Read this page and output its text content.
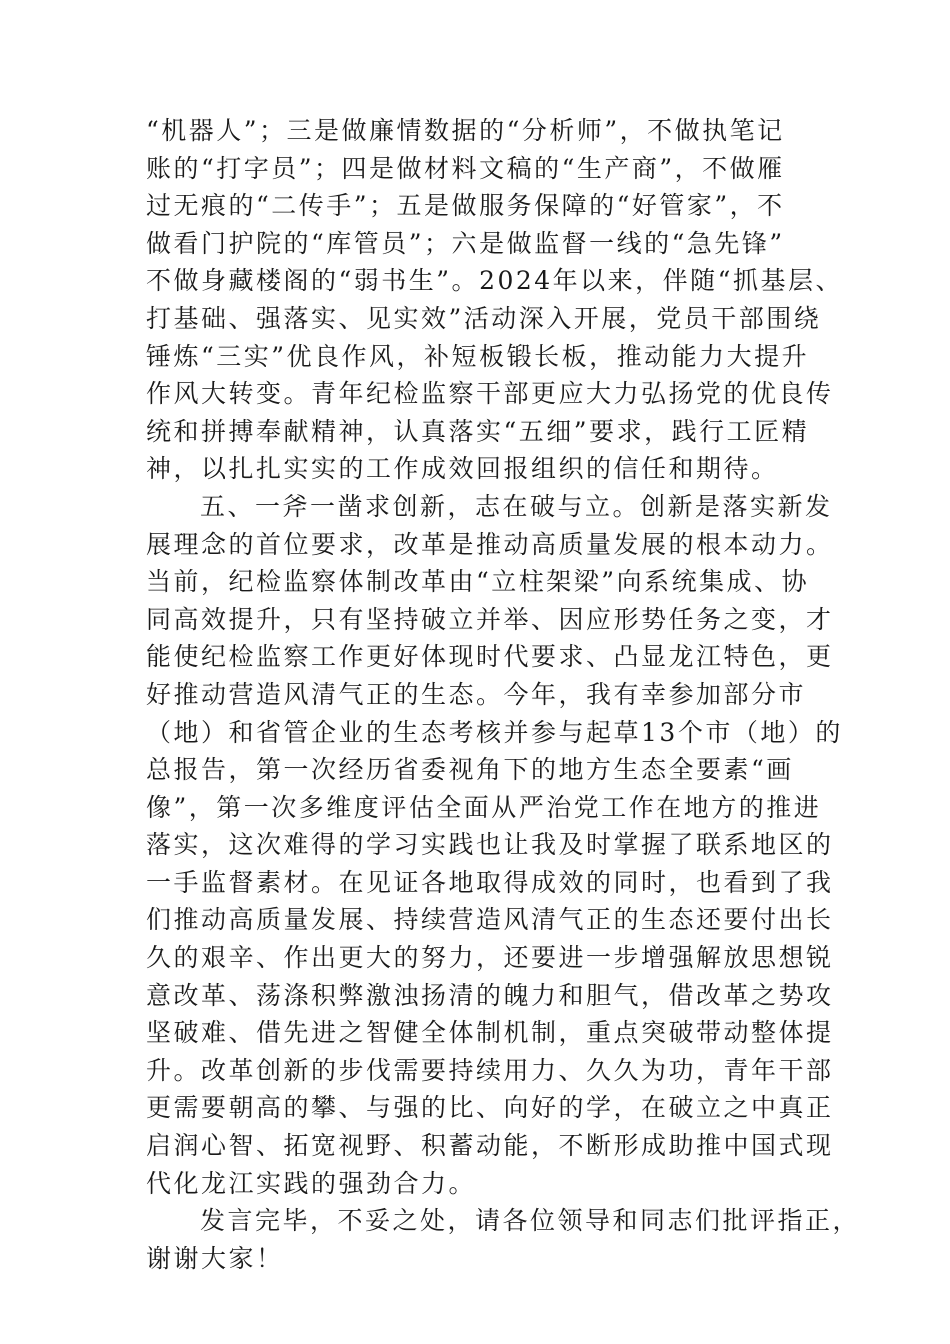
“机器人”；三是做廉情数据的“分析师”，不做执笔记
账的“打字员”；四是做材料文稿的“生产商”，不做雁
过无痕的“二传手”；五是做服务保障的“好管家”，不
做看门护院的“库管员”；六是做监督一线的“急先锋”
不做身藏楼阁的“弱书生”。2024年以来，伴随“抓基层、
打基础、强落实、见实效”活动深入开展，党员干部围绕
锤炼“三实”优良作风，补短板锻长板，推动能力大提升
作风大转变。青年纪检监察干部更应大力弘扬党的优良传
统和拼搏奉献精神，认真落实“五细”要求，践行工匠精
神，以扎扎实实的工作成效回报组织的信任和期待。
五、一斧一凿求创新，志在破与立。创新是落实新发
展理念的首位要求，改革是推动高质量发展的根本动力。
当前，纪检监察体制改革由“立柱架梁”向系统集成、协
同高效提升，只有坚持破立并举、因应形势任务之变，才
能使纪检监察工作更好体现时代要求、凸显龙江特色，更
好推动营造风清气正的生态。今年，我有幸参加部分市
（地）和省管企业的生态考核并参与起草13个市（地）的
总报告，第一次经历省委视角下的地方生态全要素“画
像”，第一次多维度评估全面从严治党工作在地方的推进
落实，这次难得的学习实践也让我及时掌握了联系地区的
一手监督素材。在见证各地取得成效的同时，也看到了我
们推动高质量发展、持续营造风清气正的生态还要付出长
久的艰辛、作出更大的努力，还要进一步增强解放思想锐
意改革、荡涤积弊激浊扬清的魄力和胆气，借改革之势攻
坚破难、借先进之智健全体制机制，重点突破带动整体提
升。改革创新的步伐需要持续用力、久久为功，青年干部
更需要朝高的攀、与强的比、向好的学，在破立之中真正
启润心智、拓宽视野、积蓄动能，不断形成助推中国式现
代化龙江实践的强劲合力。
发言完毕，不妥之处，请各位领导和同志们批评指正，
谢谢大家！
